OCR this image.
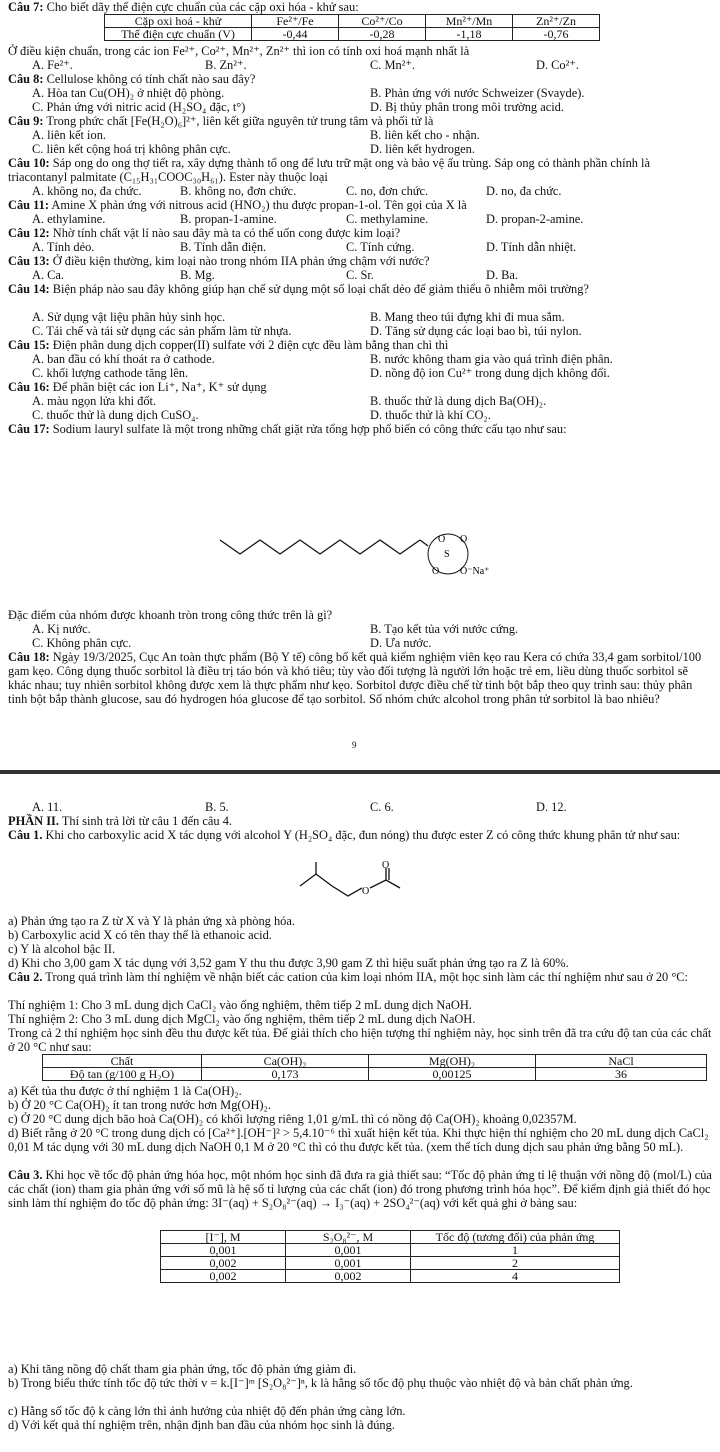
Câu 7: Cho biết dãy thế điện cực chuẩn của các cặp oxi hóa - khử sau:
Cặp oxi hoá - khử	Fe²⁺/Fe	Co²⁺/Co	Mn²⁺/Mn	Zn²⁺/Zn
Thế điện cực chuẩn (V)	-0,44	-0,28	-1,18	-0,76
Ở điều kiện chuẩn, trong các ion Fe²⁺, Co²⁺, Mn²⁺, Zn²⁺ thì ion có tính oxi hoá mạnh nhất là
A. Fe²⁺.	B. Zn²⁺.	C. Mn²⁺.	D. Co²⁺.
Câu 8: Cellulose không có tính chất nào sau đây?
A. Hòa tan Cu(OH)₂ ở nhiệt độ phòng.	B. Phản ứng với nước Schweizer (Svayde).
C. Phản ứng với nitric acid (H₂SO₄ đặc, t°)	D. Bị thủy phân trong môi trường acid.
Câu 9: Trong phức chất [Fe(H₂O)₆]²⁺, liên kết giữa nguyên tử trung tâm và phối tử là
A. liên kết ion.	B. liên kết cho - nhận.
C. liên kết cộng hoá trị không phân cực.	D. liên kết hydrogen.
Câu 10: Sáp ong do ong thợ tiết ra, xây dựng thành tổ ong để lưu trữ mật ong và bảo vệ ấu trùng. Sáp ong có thành phần chính là triacontanyl palmitate (C₁₅H₃₁COOC₃₀H₆₁). Ester này thuộc loại
A. không no, đa chức.	B. không no, đơn chức.	C. no, đơn chức.	D. no, đa chức.
Câu 11: Amine X phản ứng với nitrous acid (HNO₂) thu được propan-1-ol. Tên gọi của X là
A. ethylamine.	B. propan-1-amine.	C. methylamine.	D. propan-2-amine.
Câu 12: Nhờ tính chất vật lí nào sau đây mà ta có thể uốn cong được kim loại?
A. Tính dẻo.	B. Tính dẫn điện.	C. Tính cứng.	D. Tính dẫn nhiệt.
Câu 13: Ở điều kiện thường, kim loại nào trong nhóm IIA phản ứng chậm với nước?
A. Ca.	B. Mg.	C. Sr.	D. Ba.
Câu 14: Biện pháp nào sau đây không giúp hạn chế sử dụng một số loại chất dẻo để giảm thiểu ô nhiễm môi trường?
A. Sử dụng vật liệu phân hủy sinh học.	B. Mang theo túi đựng khi đi mua sắm.
C. Tái chế và tái sử dụng các sản phẩm làm từ nhựa.	D. Tăng sử dụng các loại bao bì, túi nylon.
Câu 15: Điện phân dung dịch copper(II) sulfate với 2 điện cực đều làm bằng than chì thì
A. ban đầu có khí thoát ra ở cathode.	B. nước không tham gia vào quá trình điện phân.
C. khối lượng cathode tăng lên.	D. nồng độ ion Cu²⁺ trong dung dịch không đổi.
Câu 16: Để phân biệt các ion Li⁺, Na⁺, K⁺ sử dụng
A. màu ngọn lửa khi đốt.	B. thuốc thử là dung dịch Ba(OH)₂.
C. thuốc thử là dung dịch CuSO₄.	D. thuốc thử là khí CO₂.
Câu 17: Sodium lauryl sulfate là một trong những chất giặt rửa tổng hợp phổ biến có công thức cấu tạo như sau:
O
S
O
O O⁻Na⁺
Đặc điểm của nhóm được khoanh tròn trong công thức trên là gì?
A. Kị nước.	B. Tạo kết tủa với nước cứng.
C. Không phân cực.	D. Ưa nước.
Câu 18: Ngày 19/3/2025, Cục An toàn thực phẩm (Bộ Y tế) công bố kết quả kiểm nghiệm viên kẹo rau Kera có chứa 33,4 gam sorbitol/100 gam kẹo. Công dụng thuốc sorbitol là điều trị táo bón và khó tiêu; tùy vào đối tượng là người lớn hoặc trẻ em, liều dùng thuốc sorbitol sẽ khác nhau; tuy nhiên sorbitol không được xem là thực phẩm như kẹo. Sorbitol được điều chế từ tinh bột bắp theo quy trình sau: thủy phân tinh bột bắp thành glucose, sau đó hydrogen hóa glucose để tạo sorbitol. Số nhóm chức alcohol trong phân tử sorbitol là bao nhiêu?
9
A. 11.	B. 5.	C. 6.	D. 12.
PHẦN II. Thí sinh trả lời từ câu 1 đến câu 4.
Câu 1. Khi cho carboxylic acid X tác dụng với alcohol Y (H₂SO₄ đặc, đun nóng) thu được ester Z có công thức khung phân tử như sau:
O
O
a) Phản ứng tạo ra Z từ X và Y là phản ứng xà phòng hóa.
b) Carboxylic acid X có tên thay thế là ethanoic acid.
c) Y là alcohol bậc II.
d) Khi cho 3,00 gam X tác dụng với 3,52 gam Y thu thu được 3,90 gam Z thì hiệu suất phản ứng tạo ra Z là 60%.
Câu 2. Trong quá trình làm thí nghiệm về nhận biết các cation của kim loại nhóm IIA, một học sinh làm các thí nghiệm như sau ở 20 °C:
Thí nghiệm 1: Cho 3 mL dung dịch CaCl₂ vào ống nghiệm, thêm tiếp 2 mL dung dịch NaOH.
Thí nghiệm 2: Cho 3 mL dung dịch MgCl₂ vào ống nghiệm, thêm tiếp 2 mL dung dịch NaOH.
Trong cả 2 thí nghiệm học sinh đều thu được kết tủa. Để giải thích cho hiện tượng thí nghiệm này, học sinh trên đã tra cứu độ tan của các chất ở 20 °C như sau:
Chất	Ca(OH)₂	Mg(OH)₂	NaCl
Độ tan (g/100 g H₂O)	0,173	0,00125	36
a) Kết tủa thu được ở thí nghiệm 1 là Ca(OH)₂.
b) Ở 20 °C Ca(OH)₂ ít tan trong nước hơn Mg(OH)₂.
c) Ở 20 °C dung dịch bão hoà Ca(OH)₂ có khối lượng riêng 1,01 g/mL thì có nồng độ Ca(OH)₂ khoảng 0,02357M.
d) Biết rằng ở 20 °C trong dung dịch có [Ca²⁺].[OH⁻]² > 5,4.10⁻⁶ thì xuất hiện kết tủa. Khi thực hiện thí nghiệm cho 20 mL dung dịch CaCl₂ 0,01 M tác dụng với 30 mL dung dịch NaOH 0,1 M ở 20 °C thì có thu được kết tủa. (xem thể tích dung dịch sau phản ứng bằng 50 mL).
Câu 3. Khi học về tốc độ phản ứng hóa học, một nhóm học sinh đã đưa ra giả thiết sau: “Tốc độ phản ứng tỉ lệ thuận với nồng độ (mol/L) của các chất (ion) tham gia phản ứng với số mũ là hệ số tỉ lượng của các chất (ion) đó trong phương trình hóa học”. Để kiểm định giả thiết đó học sinh làm thí nghiệm đo tốc độ phản ứng: 3I⁻(aq) + S₂O₈²⁻(aq) → I₃⁻(aq) + 2SO₄²⁻(aq) với kết quả ghi ở bảng sau:
[I⁻], M	S₂O₈²⁻, M	Tốc độ (tương đối) của phản ứng
0,001	0,001	1
0,002	0,001	2
0,002	0,002	4
a) Khi tăng nồng độ chất tham gia phản ứng, tốc độ phản ứng giảm đi.
b) Trong biểu thức tính tốc độ tức thời v = k.[I⁻]ᵐ [S₂O₈²⁻]ⁿ, k là hằng số tốc độ phụ thuộc vào nhiệt độ và bản chất phản ứng.
c) Hằng số tốc độ k càng lớn thì ảnh hưởng của nhiệt độ đến phản ứng càng lớn.
d) Với kết quả thí nghiệm trên, nhận định ban đầu của nhóm học sinh là đúng.
